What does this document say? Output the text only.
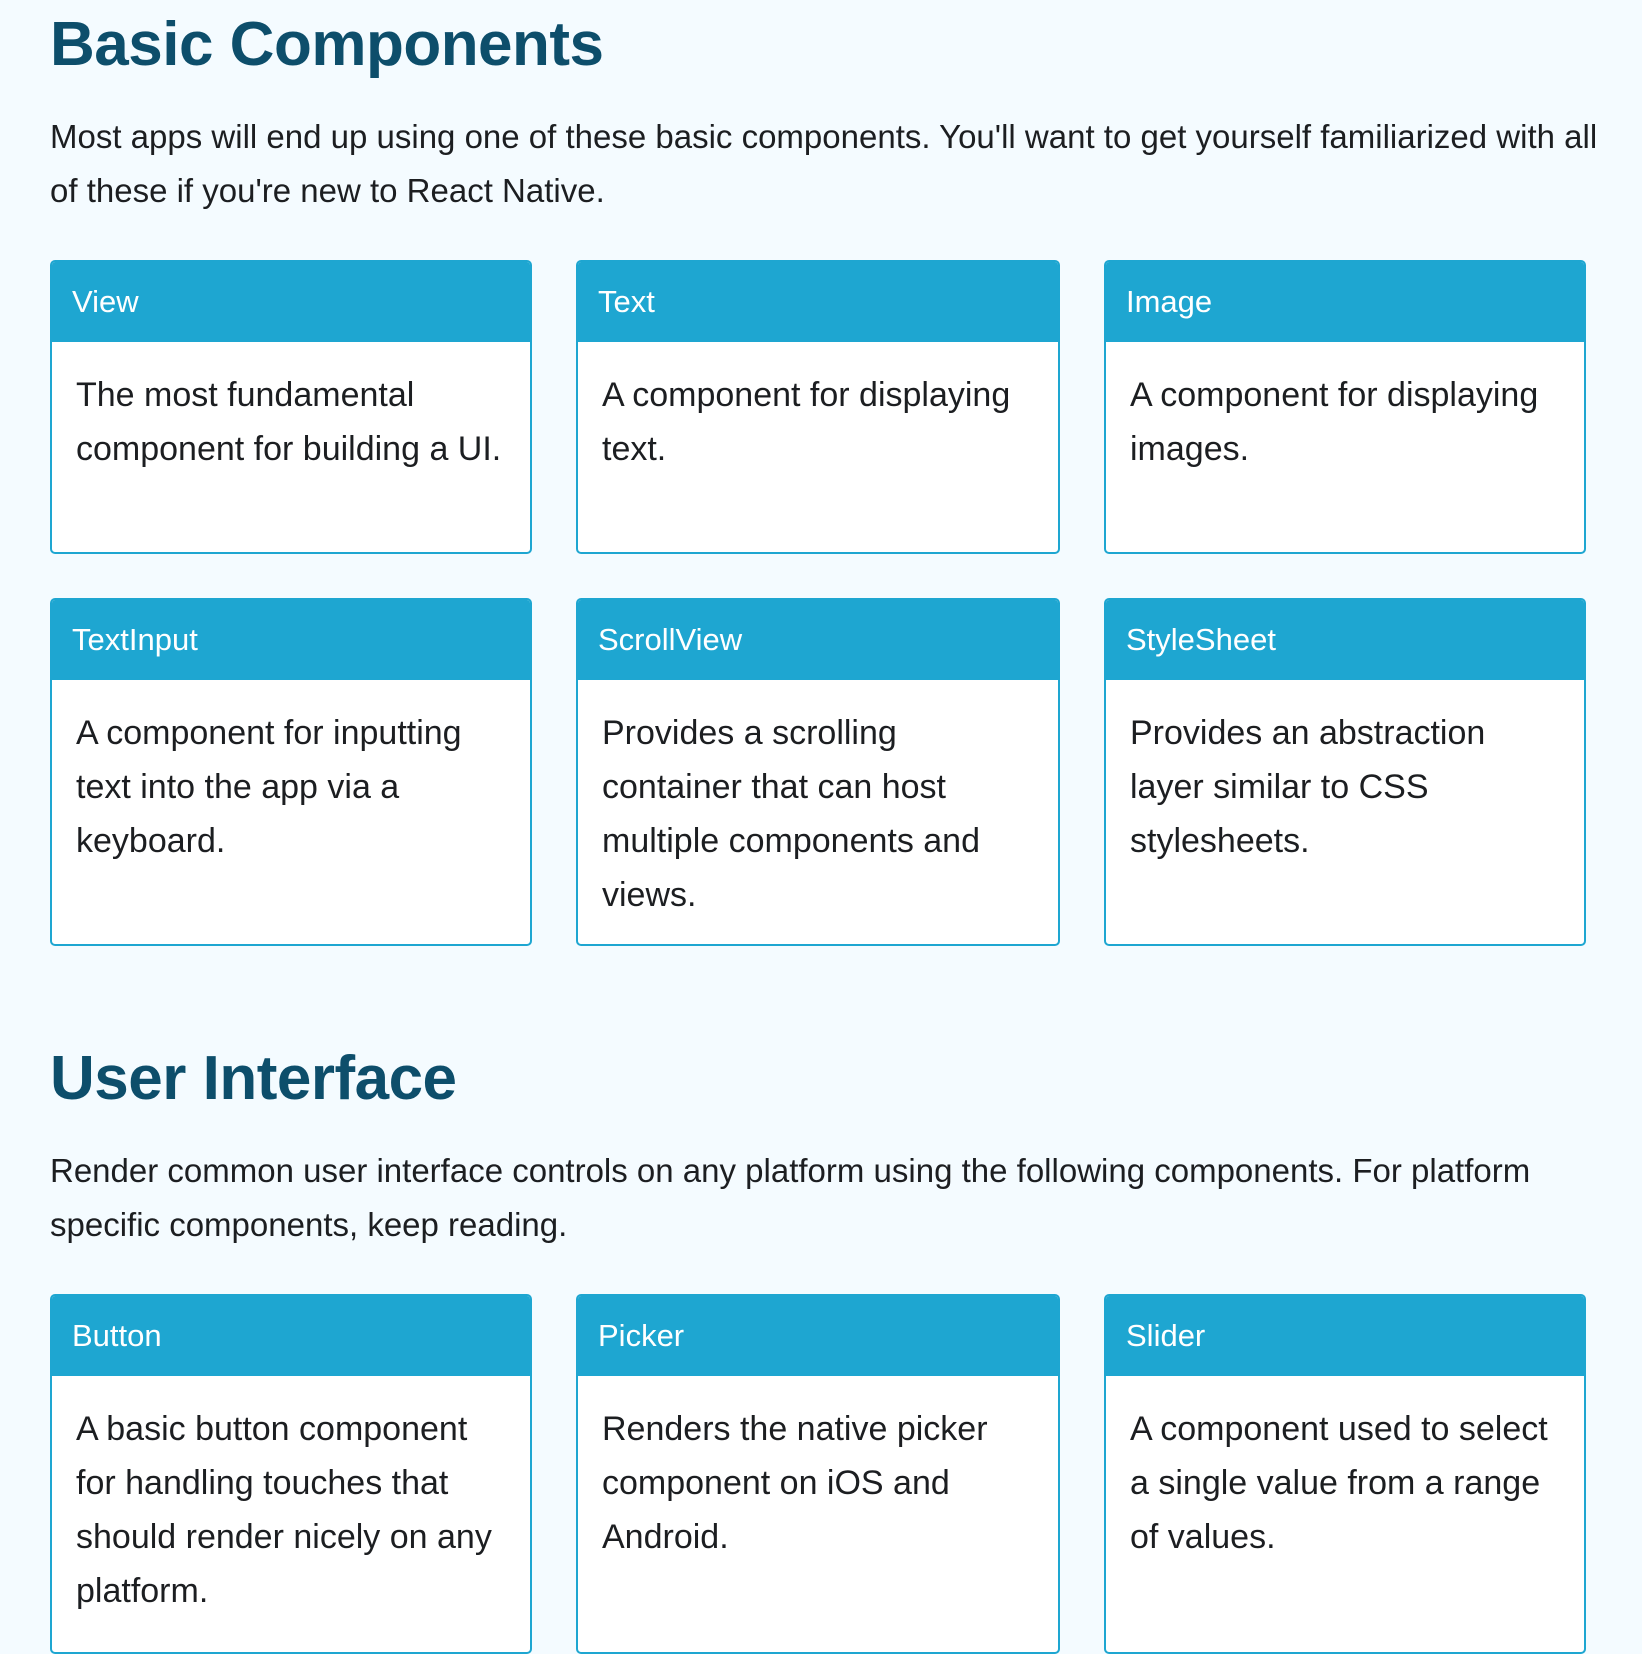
Basic Components

Most apps will end up using one of these basic components. You'll want to get yourself familiarized with all
of these if you're new to React Native.

View
The most fundamental component for building a UI.
Text
A component for displaying text.
Image
A component for displaying images.
TextInput
A component for inputting text into the app via a keyboard.
ScrollView
Provides a scrolling container that can host multiple components and views.
StyleSheet
Provides an abstraction layer similar to CSS stylesheets.
User Interface

Render common user interface controls on any platform using the following components. For platform
specific components, keep reading.

Button
A basic button component for handling touches that should render nicely on any platform.
Picker
Renders the native picker component on iOS and Android.
Slider
A component used to select a single value from a range of values.
